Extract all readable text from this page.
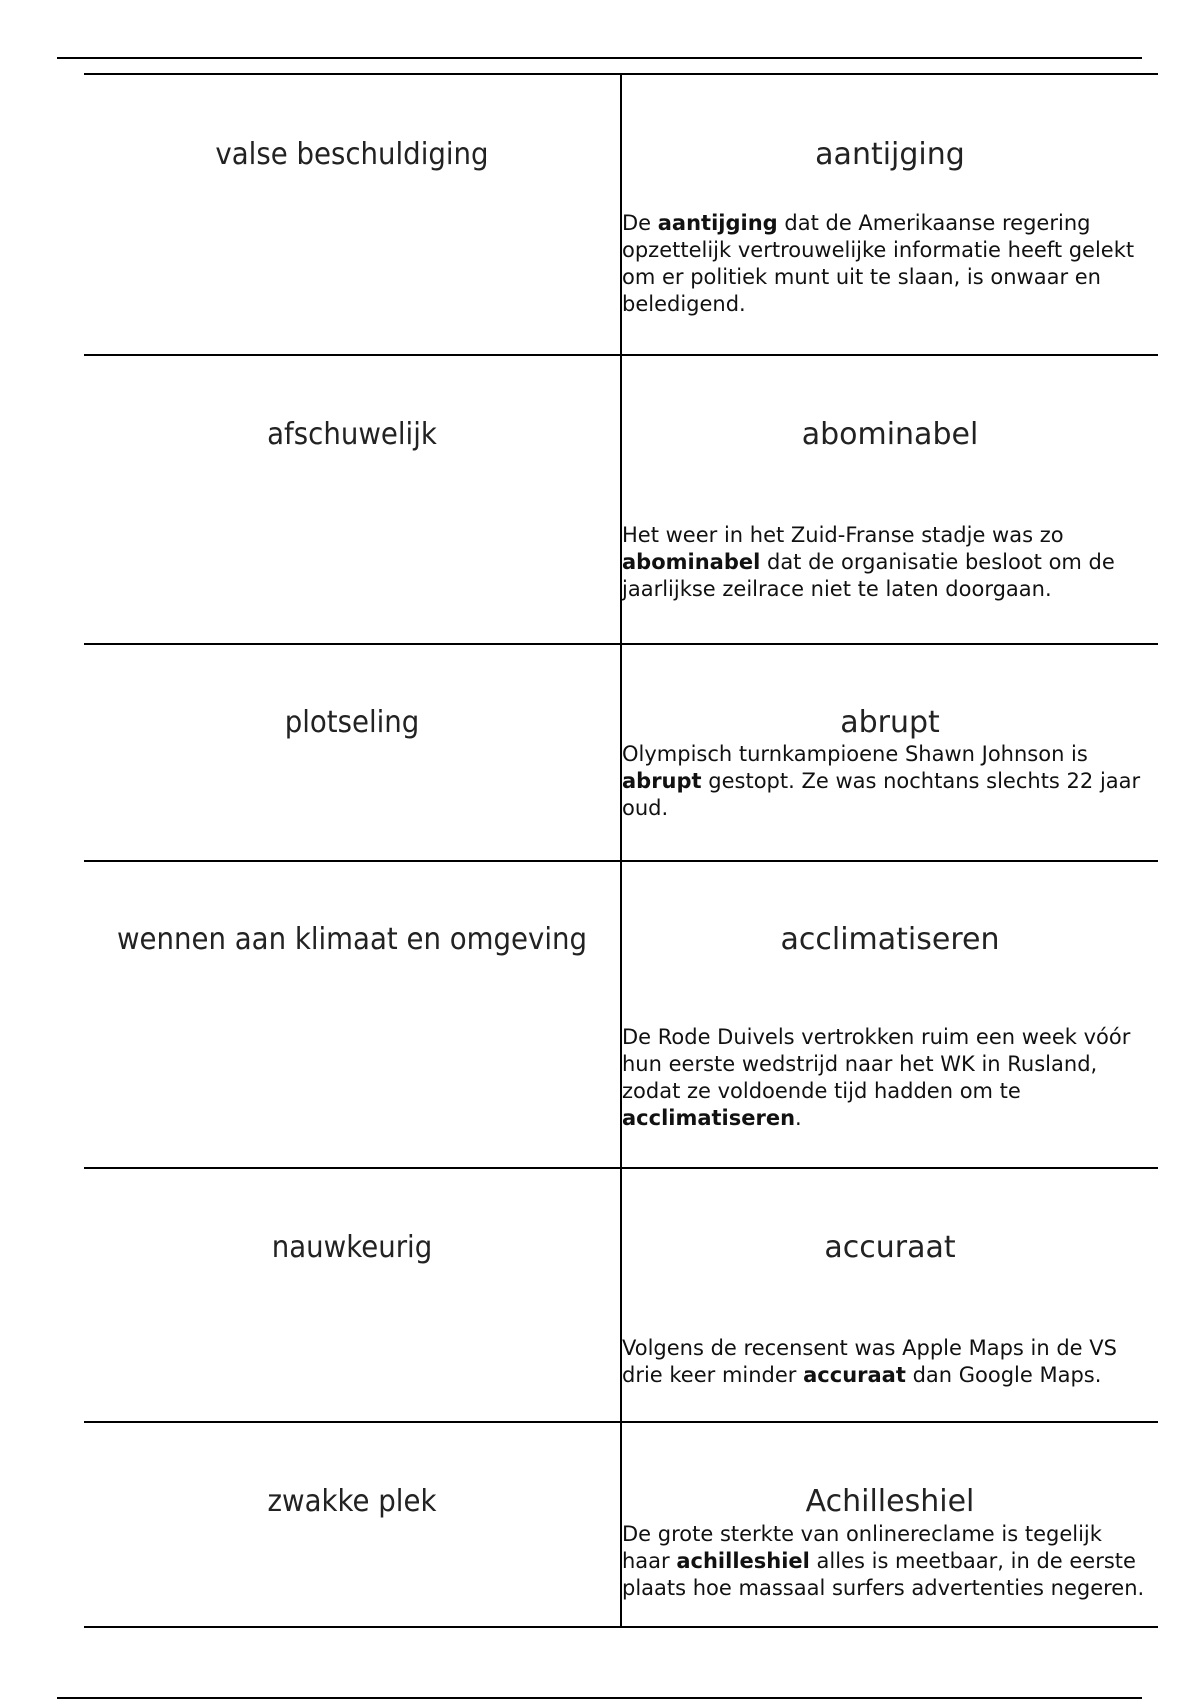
valse beschuldiging	aantijging
De aantijging dat de Amerikaanse regering opzettelijk vertrouwelijke informatie heeft gelekt om er politiek munt uit te slaan, is onwaar en beledigend.
afschuwelijk	abominabel
Het weer in het Zuid-Franse stadje was zo abominabel dat de organisatie besloot om de jaarlijkse zeilrace niet te laten doorgaan.
plotseling	abrupt
Olympisch turnkampioene Shawn Johnson is abrupt gestopt. Ze was nochtans slechts 22 jaar oud.
wennen aan klimaat en omgeving	acclimatiseren
De Rode Duivels vertrokken ruim een week vóór hun eerste wedstrijd naar het WK in Rusland, zodat ze voldoende tijd hadden om te acclimatiseren.
nauwkeurig	accuraat
Volgens de recensent was Apple Maps in de VS drie keer minder accuraat dan Google Maps.
zwakke plek	Achilleshiel
De grote sterkte van onlinereclame is tegelijk haar achilleshiel alles is meetbaar, in de eerste plaats hoe massaal surfers advertenties negeren.
